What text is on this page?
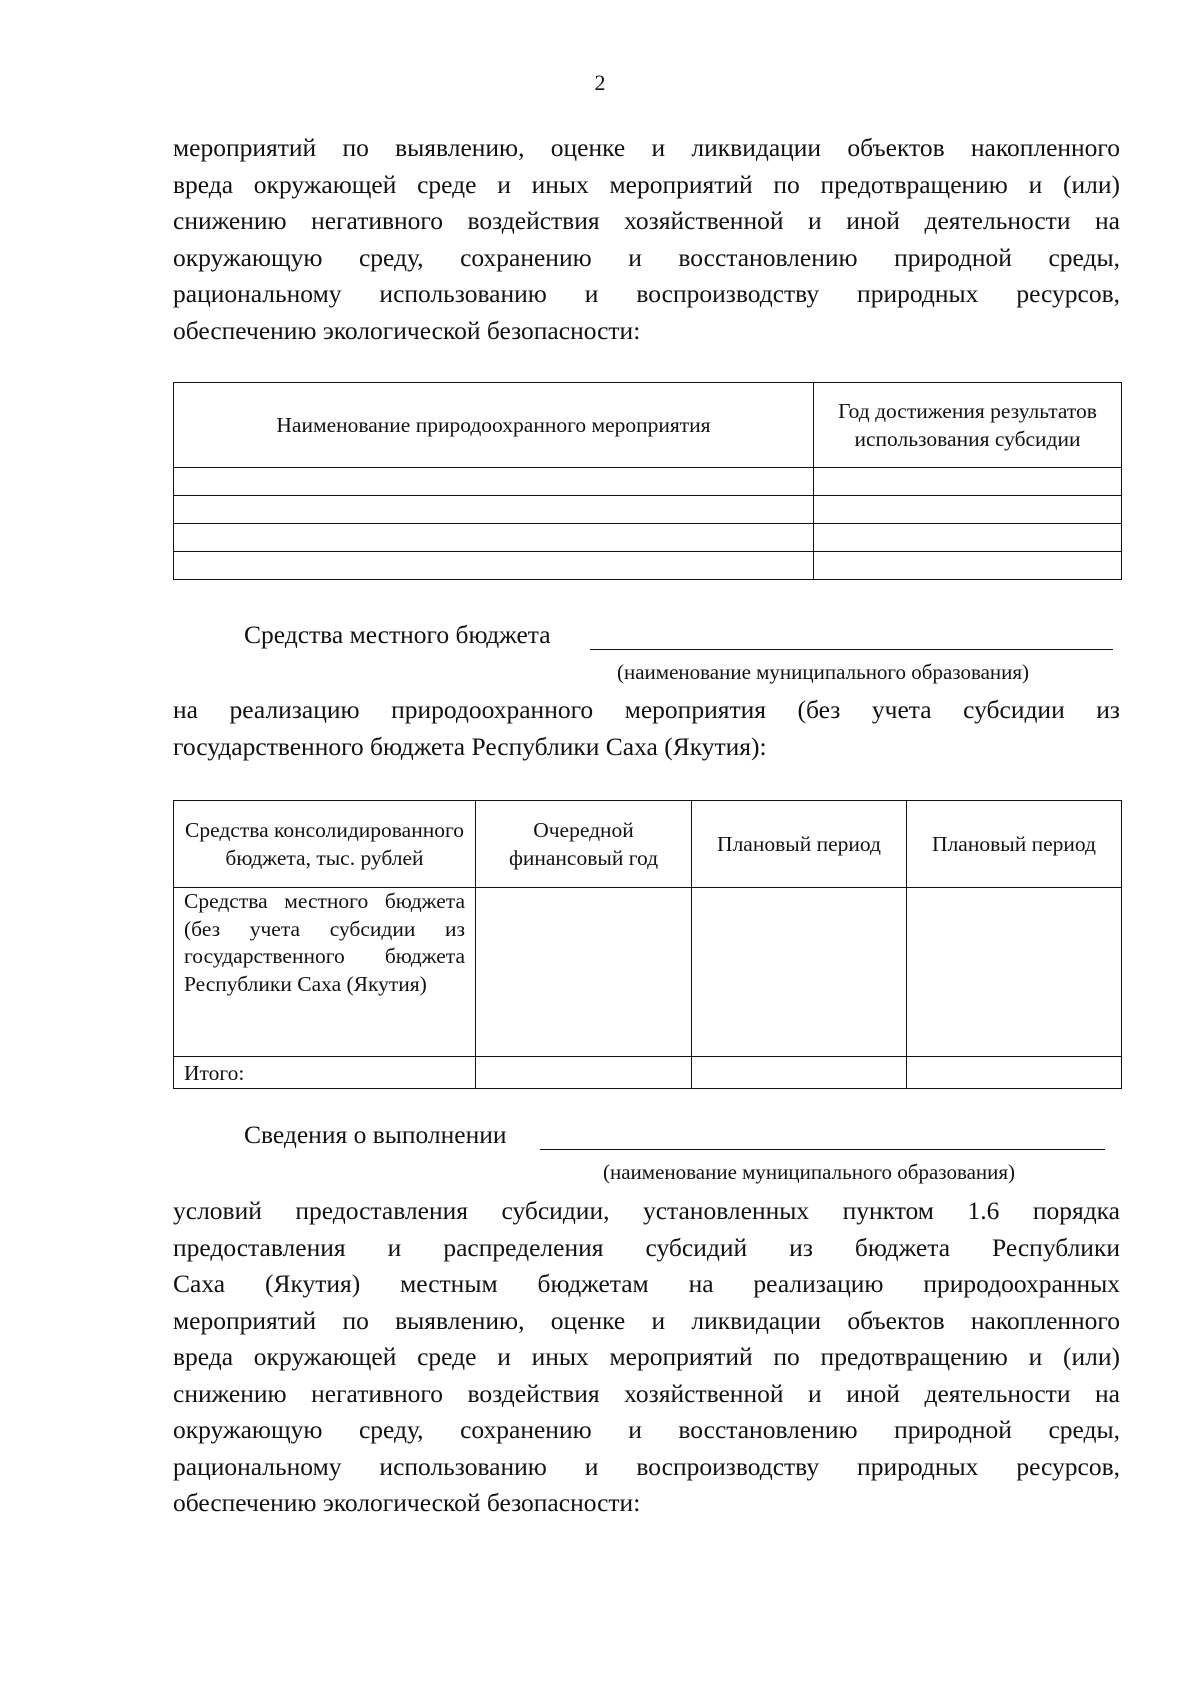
2
мероприятий по выявлению, оценке и ликвидации объектов накопленного
вреда окружающей среде и иных мероприятий по предотвращению и (или)
снижению негативного воздействия хозяйственной и иной деятельности на
окружающую среду, сохранению и восстановлению природной среды,
рациональному использованию и воспроизводству природных ресурсов,
обеспечению экологической безопасности:
Наименование природоохранного мероприятия	Год достижения результатов использования субсидии

Средства местного бюджета
(наименование муниципального образования)
на реализацию природоохранного мероприятия (без учета субсидии из
государственного бюджета Республики Саха (Якутия):
Средства консолидированного бюджета, тыс. рублей	Очередной финансовый год	Плановый период	Плановый период
Средства местного бюджета (без учета субсидии из государственного бюджета Республики Саха (Якутия)			
Итого:			
Сведения о выполнении
(наименование муниципального образования)
условий предоставления субсидии, установленных пунктом 1.6 порядка
предоставления и распределения субсидий из бюджета Республики
Саха (Якутия) местным бюджетам на реализацию природоохранных
мероприятий по выявлению, оценке и ликвидации объектов накопленного
вреда окружающей среде и иных мероприятий по предотвращению и (или)
снижению негативного воздействия хозяйственной и иной деятельности на
окружающую среду, сохранению и восстановлению природной среды,
рациональному использованию и воспроизводству природных ресурсов,
обеспечению экологической безопасности:
